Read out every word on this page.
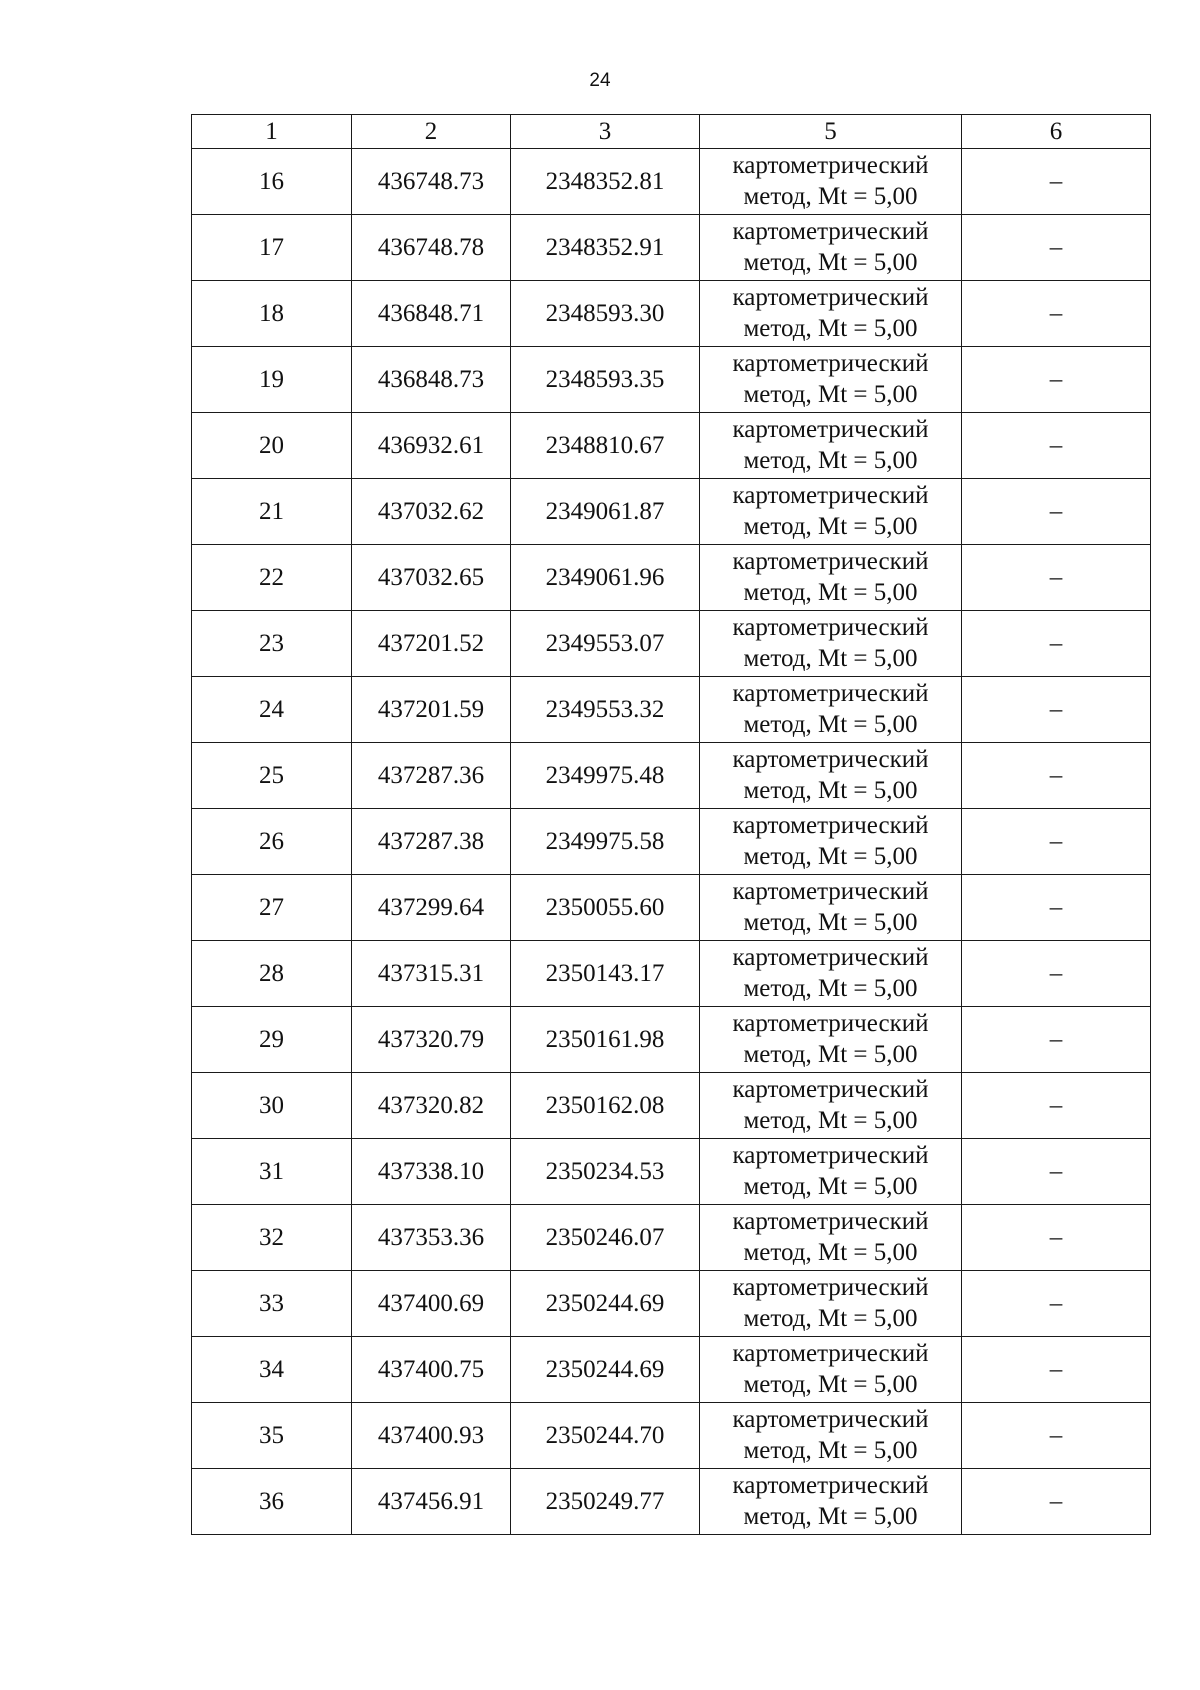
24
1	2	3	5	6
16	436748.73	2348352.81	картометрический
метод, Mt = 5,00	–
17	436748.78	2348352.91	картометрический
метод, Mt = 5,00	–
18	436848.71	2348593.30	картометрический
метод, Mt = 5,00	–
19	436848.73	2348593.35	картометрический
метод, Mt = 5,00	–
20	436932.61	2348810.67	картометрический
метод, Mt = 5,00	–
21	437032.62	2349061.87	картометрический
метод, Mt = 5,00	–
22	437032.65	2349061.96	картометрический
метод, Mt = 5,00	–
23	437201.52	2349553.07	картометрический
метод, Mt = 5,00	–
24	437201.59	2349553.32	картометрический
метод, Mt = 5,00	–
25	437287.36	2349975.48	картометрический
метод, Mt = 5,00	–
26	437287.38	2349975.58	картометрический
метод, Mt = 5,00	–
27	437299.64	2350055.60	картометрический
метод, Mt = 5,00	–
28	437315.31	2350143.17	картометрический
метод, Mt = 5,00	–
29	437320.79	2350161.98	картометрический
метод, Mt = 5,00	–
30	437320.82	2350162.08	картометрический
метод, Mt = 5,00	–
31	437338.10	2350234.53	картометрический
метод, Mt = 5,00	–
32	437353.36	2350246.07	картометрический
метод, Mt = 5,00	–
33	437400.69	2350244.69	картометрический
метод, Mt = 5,00	–
34	437400.75	2350244.69	картометрический
метод, Mt = 5,00	–
35	437400.93	2350244.70	картометрический
метод, Mt = 5,00	–
36	437456.91	2350249.77	картометрический
метод, Mt = 5,00	–
